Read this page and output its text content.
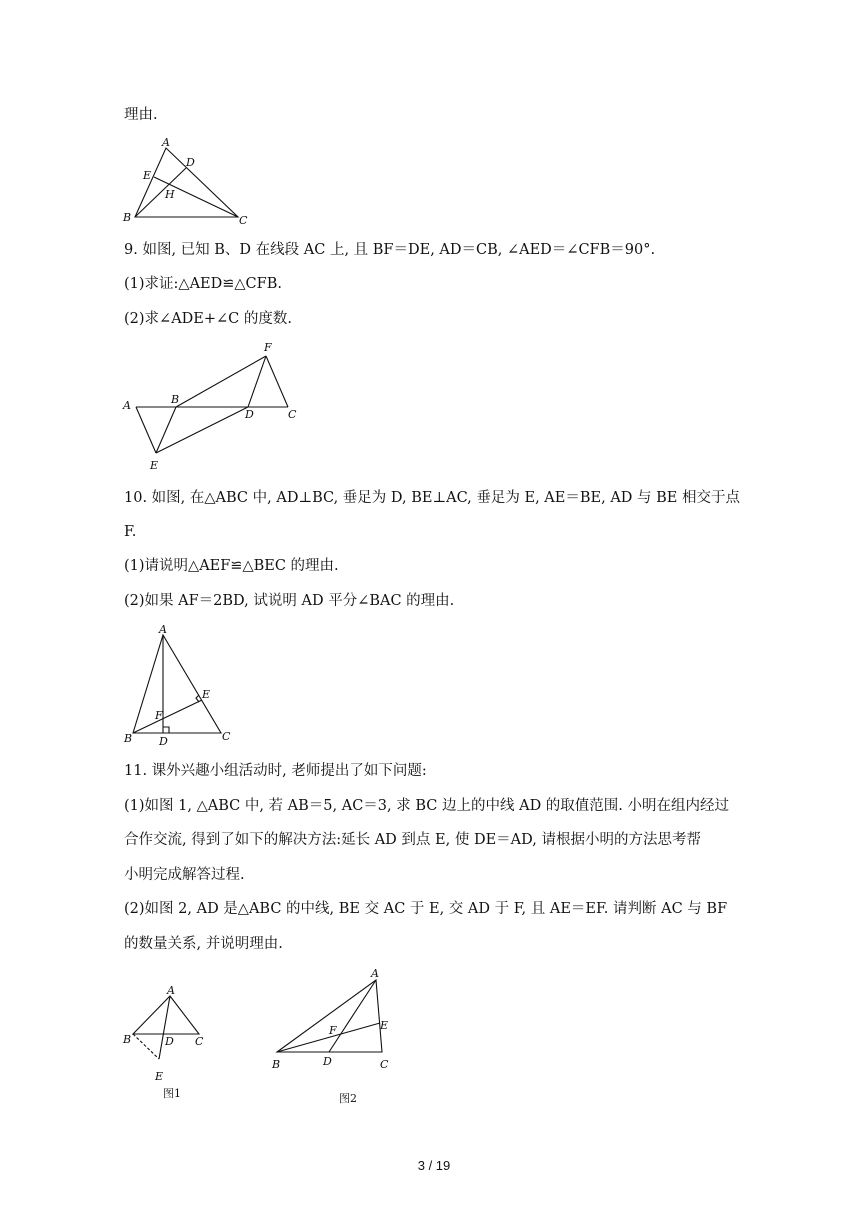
理由.
A
D
E
H
B	C
9. 如图, 已知 B、D 在线段 AC 上, 且 BF＝DE, AD＝CB, ∠AED＝∠CFB＝90°.
(1)求证:△AED≌△CFB.
(2)求∠ADE+∠C 的度数.
A	B
F
D	C
E
10. 如图, 在△ABC 中, AD⊥BC, 垂足为 D, BE⊥AC, 垂足为 E, AE＝BE, AD 与 BE 相交于点
F.
(1)请说明△AEF≌△BEC 的理由.
(2)如果 AF＝2BD, 试说明 AD 平分∠BAC 的理由.
A
E
F
B D	C
11. 课外兴趣小组活动时, 老师提出了如下问题:
(1)如图 1, △ABC 中, 若 AB＝5, AC＝3, 求 BC 边上的中线 AD 的取值范围. 小明在组内经过
合作交流, 得到了如下的解决方法:延长 AD 到点 E, 使 DE＝AD, 请根据小明的方法思考帮
小明完成解答过程.
(2)如图 2, AD 是△ABC 的中线, BE 交 AC 于 E, 交 AD 于 F, 且 AE＝EF. 请判断 AC 与 BF
的数量关系, 并说明理由.
A
B	D C
E
图1
A
E
F
B	D	C
图2
3 / 19
